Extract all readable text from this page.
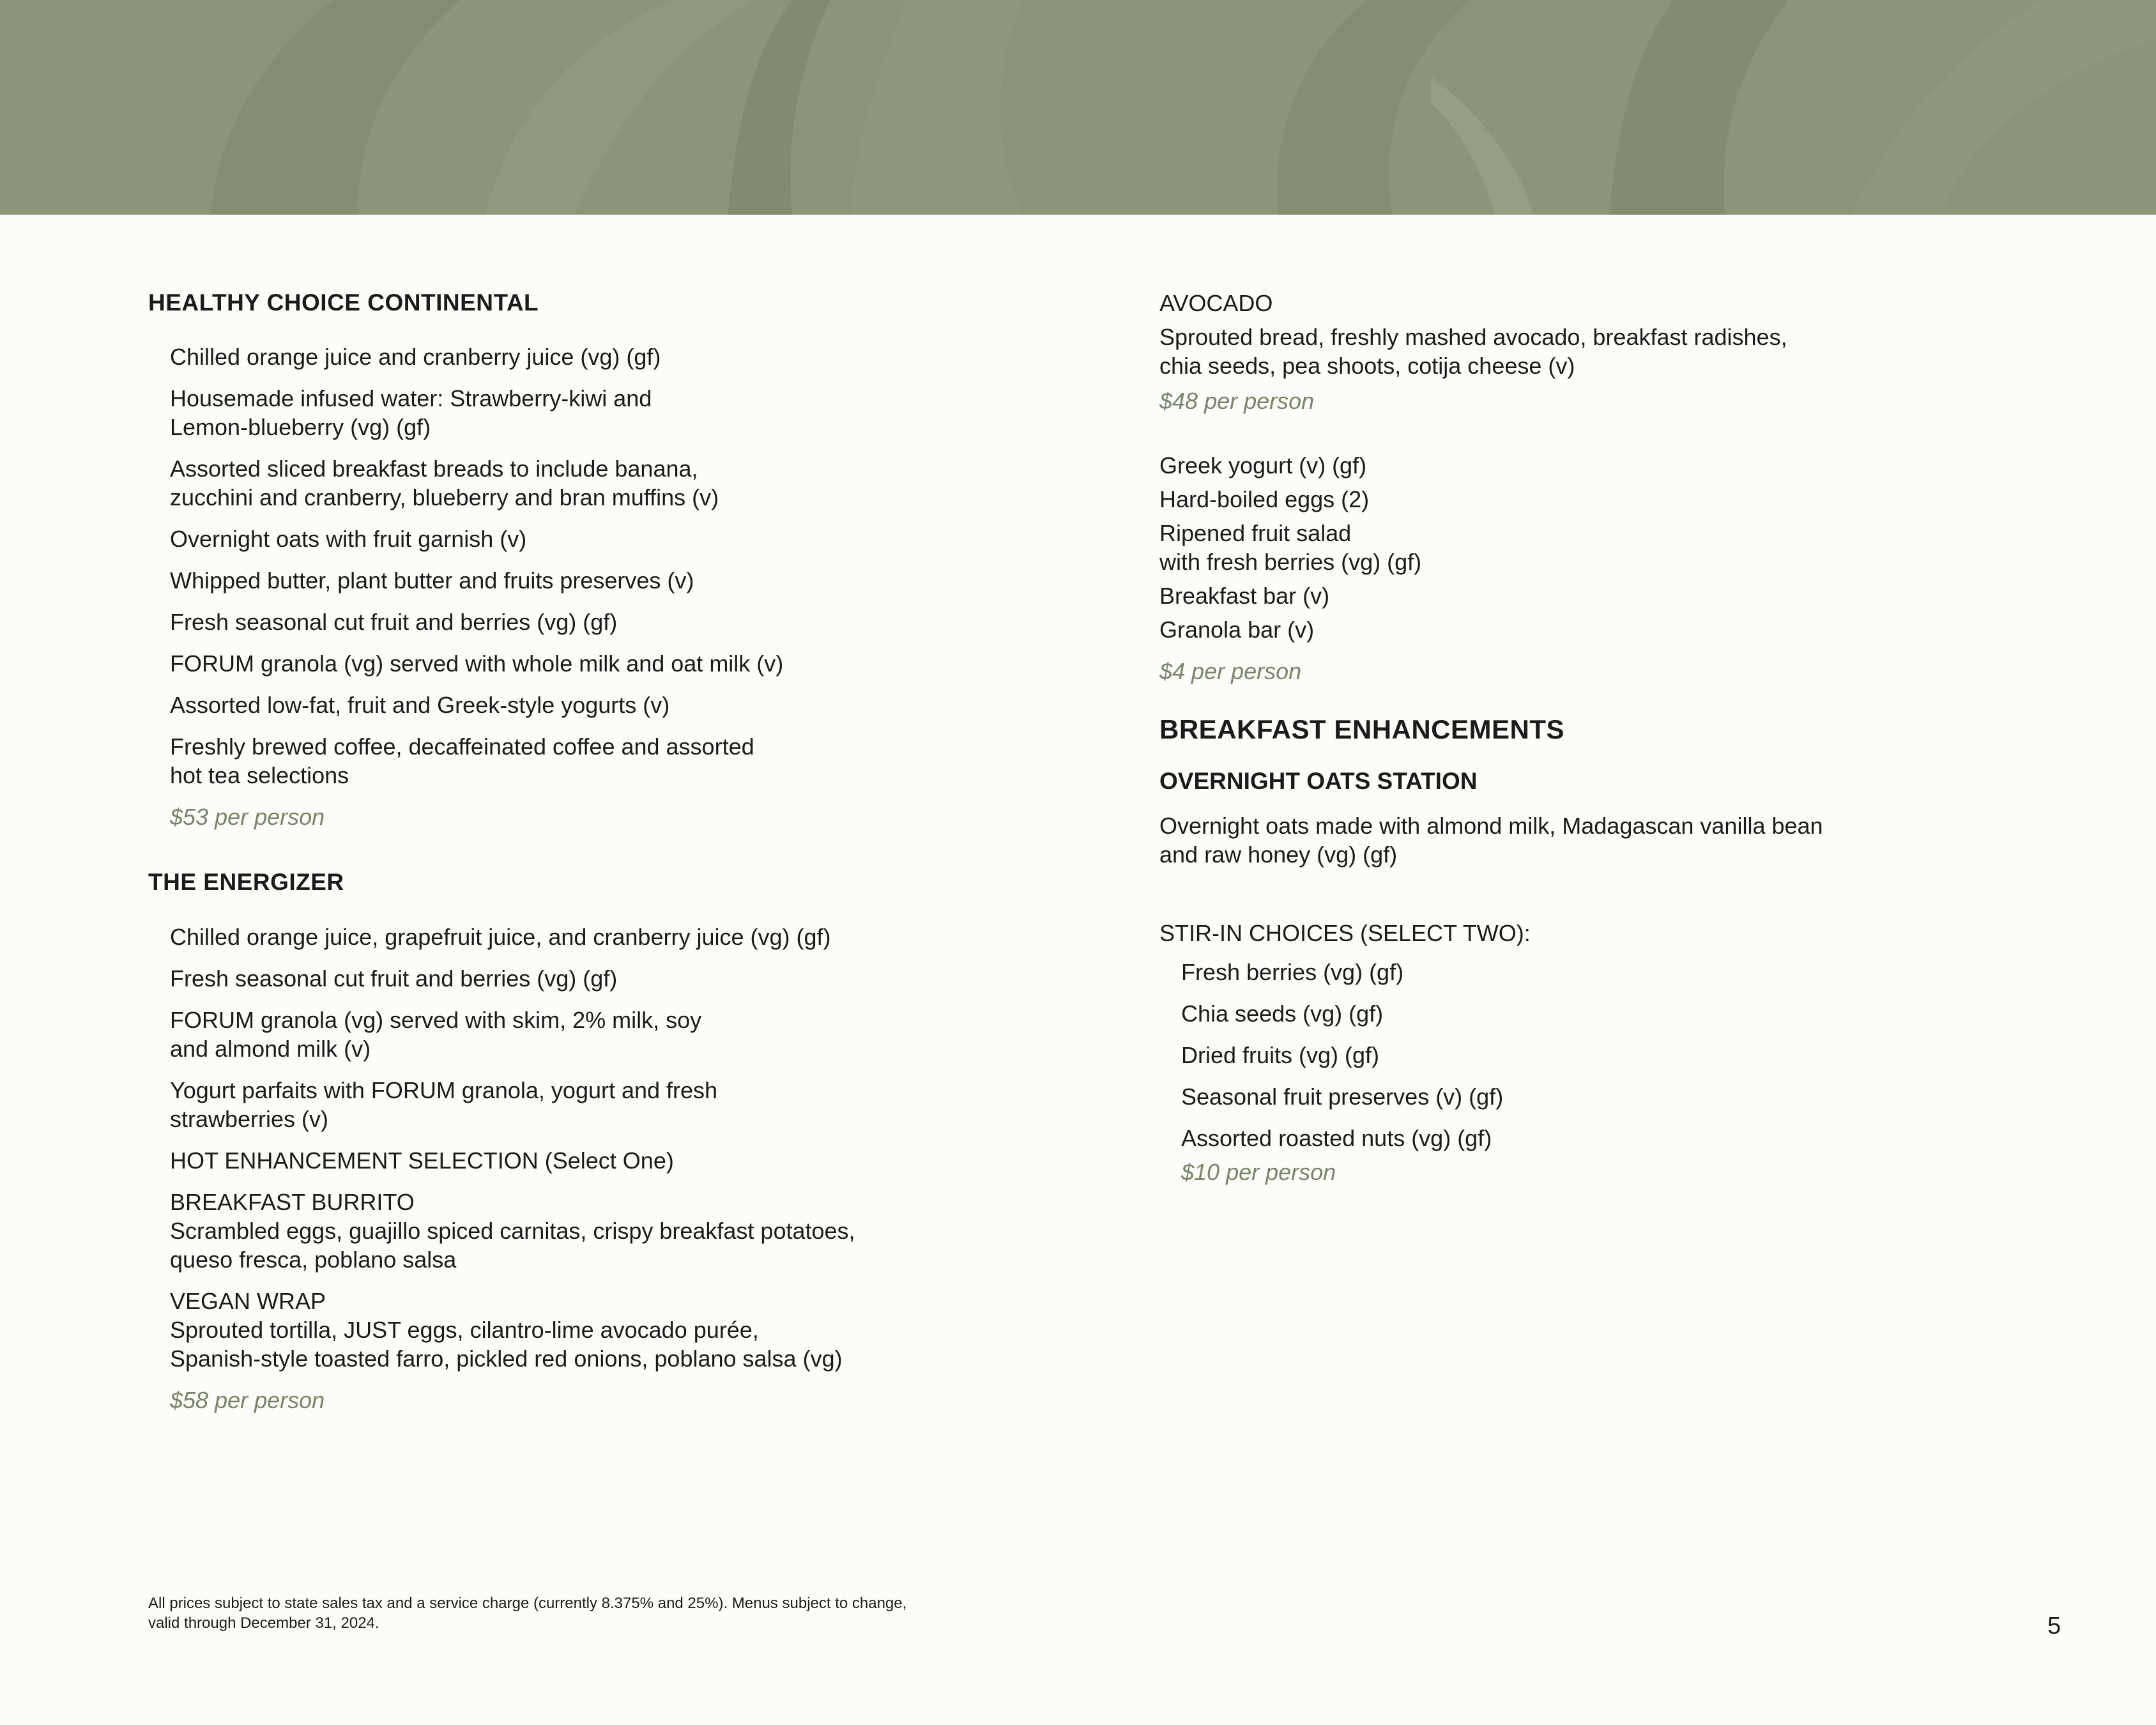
HEALTHY CHOICE CONTINENTAL
Chilled orange juice and cranberry juice (vg) (gf)
Housemade infused water: Strawberry-kiwi and
Lemon-blueberry (vg) (gf)
Assorted sliced breakfast breads to include banana,
zucchini and cranberry, blueberry and bran muffins (v)
Overnight oats with fruit garnish (v)
Whipped butter, plant butter and fruits preserves (v)
Fresh seasonal cut fruit and berries (vg) (gf)
FORUM granola (vg) served with whole milk and oat milk (v)
Assorted low-fat, fruit and Greek-style yogurts (v)
Freshly brewed coffee, decaffeinated coffee and assorted
hot tea selections
$53 per person
THE ENERGIZER
Chilled orange juice, grapefruit juice, and cranberry juice (vg) (gf)
Fresh seasonal cut fruit and berries (vg) (gf)
FORUM granola (vg) served with skim, 2% milk, soy
and almond milk (v)
Yogurt parfaits with FORUM granola, yogurt and fresh
strawberries (v)
HOT ENHANCEMENT SELECTION (Select One)
BREAKFAST BURRITO
Scrambled eggs, guajillo spiced carnitas, crispy breakfast potatoes,
queso fresca, poblano salsa
VEGAN WRAP
Sprouted tortilla, JUST eggs, cilantro-lime avocado purée,
Spanish-style toasted farro, pickled red onions, poblano salsa (vg)
$58 per person
AVOCADO
Sprouted bread, freshly mashed avocado, breakfast radishes,
chia seeds, pea shoots, cotija cheese (v)
$48 per person
Greek yogurt (v) (gf)
Hard-boiled eggs (2)
Ripened fruit salad
with fresh berries (vg) (gf)
Breakfast bar (v)
Granola bar (v)
$4 per person
BREAKFAST ENHANCEMENTS
OVERNIGHT OATS STATION
Overnight oats made with almond milk, Madagascan vanilla bean
and raw honey (vg) (gf)
STIR-IN CHOICES (SELECT TWO):
Fresh berries (vg) (gf)
Chia seeds (vg) (gf)
Dried fruits (vg) (gf)
Seasonal fruit preserves (v) (gf)
Assorted roasted nuts (vg) (gf)
$10 per person
All prices subject to state sales tax and a service charge (currently 8.375% and 25%). Menus subject to change,
valid through December 31, 2024.	5
